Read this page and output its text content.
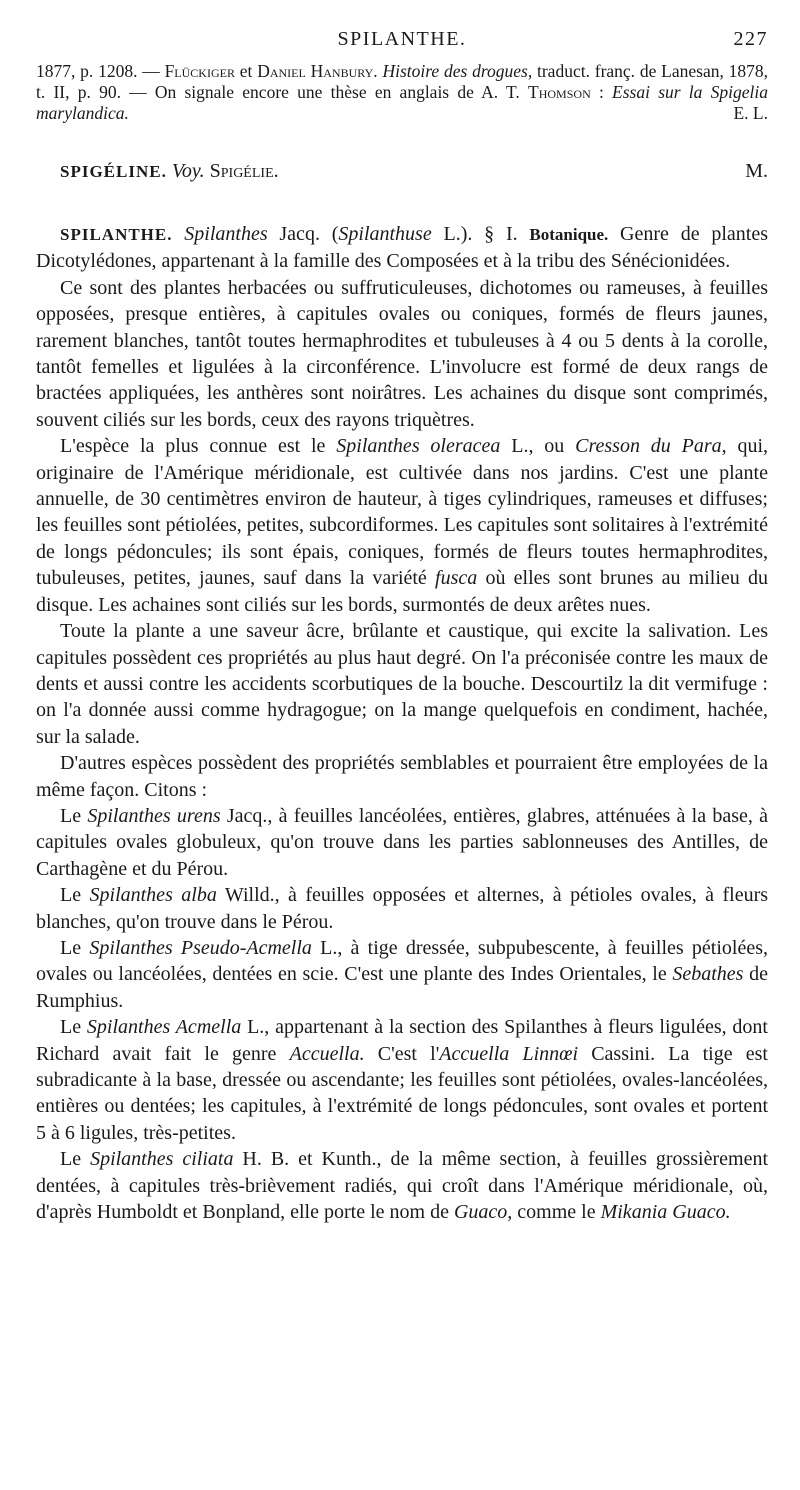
SPILANTHE.	227
1877, p. 1208. — Flückiger et Daniel Hanbury. Histoire des drogues, traduct. franç. de Lanesan, 1878, t. II, p. 90. — On signale encore une thèse en anglais de A. T. Thomson : Essai sur la Spigelia marylandica.	E. L.
SPIGÉLINE. Voy. Spigélie.	M.

SPILANTHE. Spilanthes Jacq. (Spilanthuse L.). § I. Botanique. Genre de plantes Dicotylédones, appartenant à la famille des Composées et à la tribu des Sénécionidées.

Ce sont des plantes herbacées ou suffruticuleuses, dichotomes ou rameuses, à feuilles opposées, presque entières, à capitules ovales ou coniques, formés de fleurs jaunes, rarement blanches, tantôt toutes hermaphrodites et tubuleuses à 4 ou 5 dents à la corolle, tantôt femelles et ligulées à la circonférence. L'involucre est formé de deux rangs de bractées appliquées, les anthères sont noirâtres. Les achaines du disque sont comprimés, souvent ciliés sur les bords, ceux des rayons triquètres.

L'espèce la plus connue est le Spilanthes oleracea L., ou Cresson du Para, qui, originaire de l'Amérique méridionale, est cultivée dans nos jardins. C'est une plante annuelle, de 30 centimètres environ de hauteur, à tiges cylindriques, rameuses et diffuses; les feuilles sont pétiolées, petites, subcordiformes. Les capitules sont solitaires à l'extrémité de longs pédoncules; ils sont épais, coniques, formés de fleurs toutes hermaphrodites, tubuleuses, petites, jaunes, sauf dans la variété fusca où elles sont brunes au milieu du disque. Les achaines sont ciliés sur les bords, surmontés de deux arêtes nues.

Toute la plante a une saveur âcre, brûlante et caustique, qui excite la salivation. Les capitules possèdent ces propriétés au plus haut degré. On l'a préconisée contre les maux de dents et aussi contre les accidents scorbutiques de la bouche. Descourtilz la dit vermifuge : on l'a donnée aussi comme hydragogue; on la mange quelquefois en condiment, hachée, sur la salade.

D'autres espèces possèdent des propriétés semblables et pourraient être employées de la même façon. Citons :

Le Spilanthes urens Jacq., à feuilles lancéolées, entières, glabres, atténuées à la base, à capitules ovales globuleux, qu'on trouve dans les parties sablonneuses des Antilles, de Carthagène et du Pérou.

Le Spilanthes alba Willd., à feuilles opposées et alternes, à pétioles ovales, à fleurs blanches, qu'on trouve dans le Pérou.

Le Spilanthes Pseudo-Acmella L., à tige dressée, subpubescente, à feuilles pétiolées, ovales ou lancéolées, dentées en scie. C'est une plante des Indes Orientales, le Sebathes de Rumphius.

Le Spilanthes Acmella L., appartenant à la section des Spilanthes à fleurs ligulées, dont Richard avait fait le genre Accuella. C'est l'Accuella Linnœi Cassini. La tige est subradicante à la base, dressée ou ascendante; les feuilles sont pétiolées, ovales-lancéolées, entières ou dentées; les capitules, à l'extrémité de longs pédoncules, sont ovales et portent 5 à 6 ligules, très-petites.

Le Spilanthes ciliata H. B. et Kunth., de la même section, à feuilles grossièrement dentées, à capitules très-brièvement radiés, qui croît dans l'Amérique méridionale, où, d'après Humboldt et Bonpland, elle porte le nom de Guaco, comme le Mikania Guaco.
